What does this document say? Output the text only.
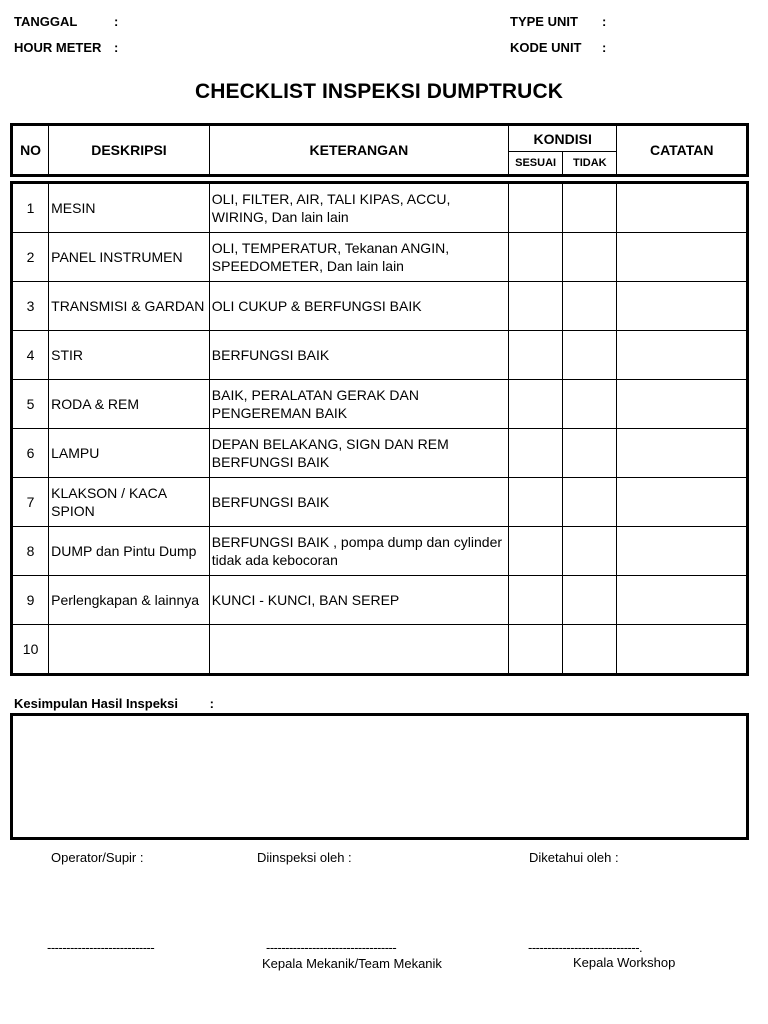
TANGGAL	:
HOUR METER :
TYPE UNIT :
KODE UNIT :
CHECKLIST INSPEKSI DUMPTRUCK
NO	DESKRIPSI	KETERANGAN	KONDISI		CATATAN
			SESUAI	TIDAK	
1	MESIN	OLI, FILTER, AIR, TALI KIPAS, ACCU, WIRING, Dan lain lain			
2	PANEL INSTRUMEN	OLI, TEMPERATUR, Tekanan ANGIN, SPEEDOMETER, Dan lain lain			
3	TRANSMISI & GARDAN	OLI CUKUP & BERFUNGSI BAIK			
4	STIR	BERFUNGSI BAIK			
5	RODA & REM	BAIK, PERALATAN GERAK DAN PENGEREMAN BAIK			
6	LAMPU	DEPAN BELAKANG, SIGN DAN REM BERFUNGSI BAIK			
7	KLAKSON / KACA SPION	BERFUNGSI BAIK			
8	DUMP dan Pintu Dump	BERFUNGSI BAIK , pompa dump dan cylinder tidak ada kebocoran			
9	Perlengkapan & lainnya	KUNCI - KUNCI, BAN SEREP			
10					
Kesimpulan Hasil Inspeksi :
Operator/Supir :	Diinspeksi oleh :	Diketahui oleh :
----------------------------	----------------------------------	-----------------------------.
Kepala Mekanik/Team Mekanik	Kepala Workshop
